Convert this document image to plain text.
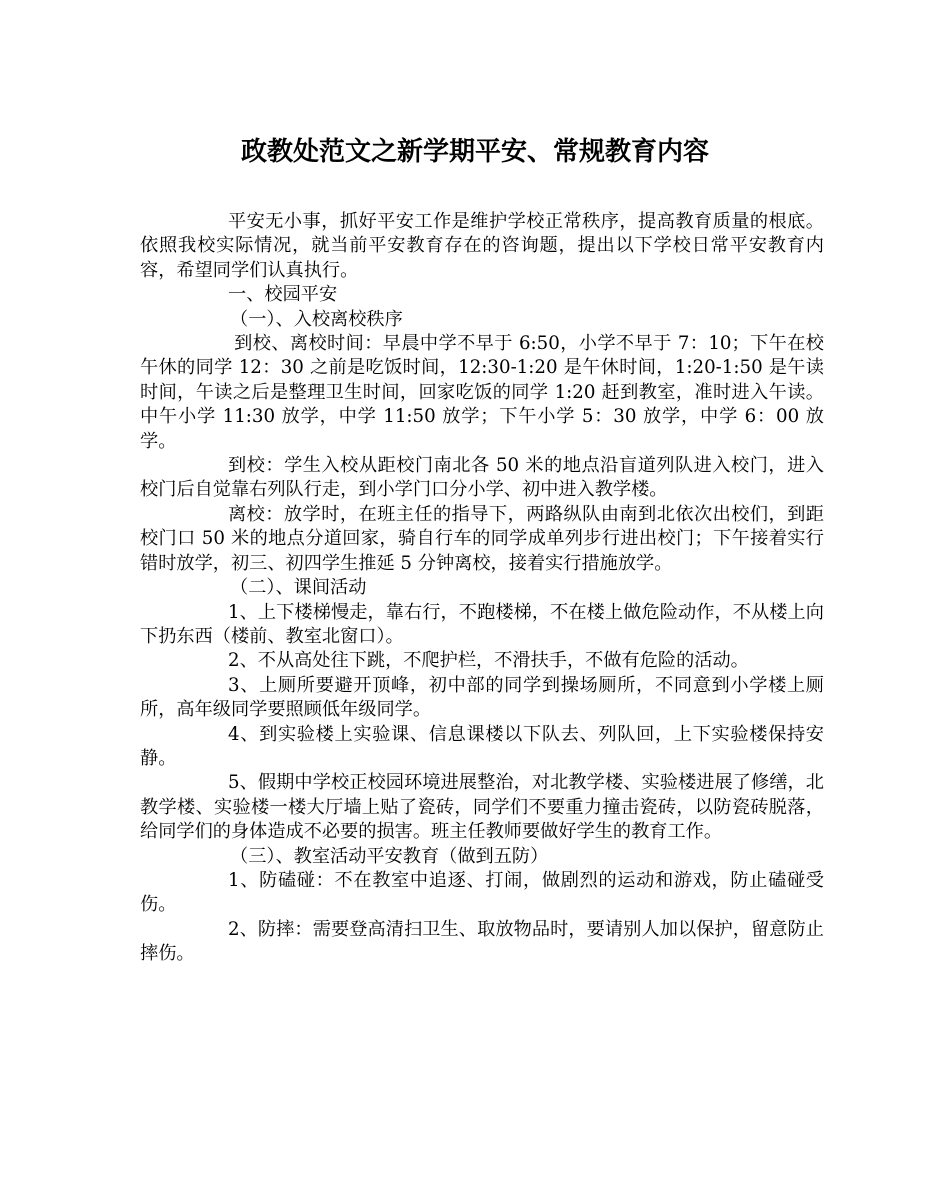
政教处范文之新学期平安、常规教育内容

平安无小事，抓好平安工作是维护学校正常秩序，提高教育质量的根底。依照我校实际情况，就当前平安教育存在的咨询题，提出以下学校日常平安教育内容，希望同学们认真执行。

一、校园平安

（一）、入校离校秩序

到校、离校时间：早晨中学不早于 6:50，小学不早于 7：10；下午在校午休的同学 12：30 之前是吃饭时间，12:30-1:20 是午休时间，1:20-1:50 是午读时间，午读之后是整理卫生时间，回家吃饭的同学 1:20 赶到教室，准时进入午读。中午小学 11:30 放学，中学 11:50 放学；下午小学 5：30 放学，中学 6：00 放学。

到校：学生入校从距校门南北各 50 米的地点沿盲道列队进入校门，进入校门后自觉靠右列队行走，到小学门口分小学、初中进入教学楼。

离校：放学时，在班主任的指导下，两路纵队由南到北依次出校们，到距校门口 50 米的地点分道回家，骑自行车的同学成单列步行进出校门；下午接着实行错时放学，初三、初四学生推延 5 分钟离校，接着实行措施放学。

（二）、课间活动

1、上下楼梯慢走，靠右行，不跑楼梯，不在楼上做危险动作，不从楼上向下扔东西（楼前、教室北窗口）。

2、不从高处往下跳，不爬护栏，不滑扶手，不做有危险的活动。

3、上厕所要避开顶峰，初中部的同学到操场厕所，不同意到小学楼上厕所，高年级同学要照顾低年级同学。

4、到实验楼上实验课、信息课楼以下队去、列队回，上下实验楼保持安静。

5、假期中学校正校园环境进展整治，对北教学楼、实验楼进展了修缮，北教学楼、实验楼一楼大厅墙上贴了瓷砖，同学们不要重力撞击瓷砖，以防瓷砖脱落，给同学们的身体造成不必要的损害。班主任教师要做好学生的教育工作。

（三）、教室活动平安教育（做到五防）

1、防磕碰：不在教室中追逐、打闹，做剧烈的运动和游戏，防止磕碰受伤。

2、防摔：需要登高清扫卫生、取放物品时，要请别人加以保护，留意防止摔伤。
